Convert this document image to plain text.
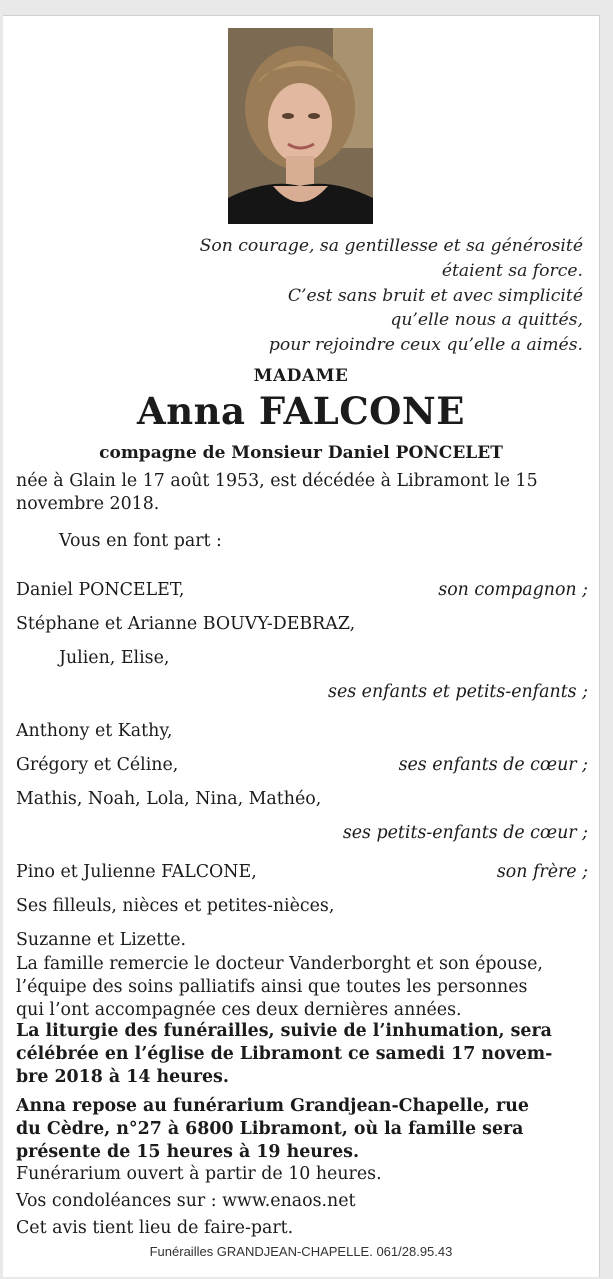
Son courage, sa gentillesse et sa générosité
étaient sa force.
C’est sans bruit et avec simplicité
qu’elle nous a quittés,
pour rejoindre ceux qu’elle a aimés.
MADAME
Anna FALCONE
compagne de Monsieur Daniel PONCELET

née à Glain le 17 août 1953, est décédée à Libramont le 15 novembre 2018.

Vous en font part :
Daniel PONCELET,	son compagnon ;
Stéphane et Arianne BOUVY-DEBRAZ,
Julien, Elise,
ses enfants et petits-enfants ;
Anthony et Kathy,
Grégory et Céline,	ses enfants de cœur ;
Mathis, Noah, Lola, Nina, Mathéo,
ses petits-enfants de cœur ;
Pino et Julienne FALCONE,	son frère ;
Ses filleuls, nièces et petites-nièces,
Suzanne et Lizette.
La famille remercie le docteur Vanderborght et son épouse,
l’équipe des soins palliatifs ainsi que toutes les personnes
qui l’ont accompagnée ces deux dernières années.
La liturgie des funérailles, suivie de l’inhumation, sera
célébrée en l’église de Libramont ce samedi 17 novem-
bre 2018 à 14 heures.
Anna repose au funérarium Grandjean-Chapelle, rue
du Cèdre, n°27 à 6800 Libramont, où la famille sera
présente de 15 heures à 19 heures.

Funérarium ouvert à partir de 10 heures.

Vos condoléances sur : www.enaos.net

Cet avis tient lieu de faire-part.

Funérailles GRANDJEAN-CHAPELLE. 061/28.95.43
